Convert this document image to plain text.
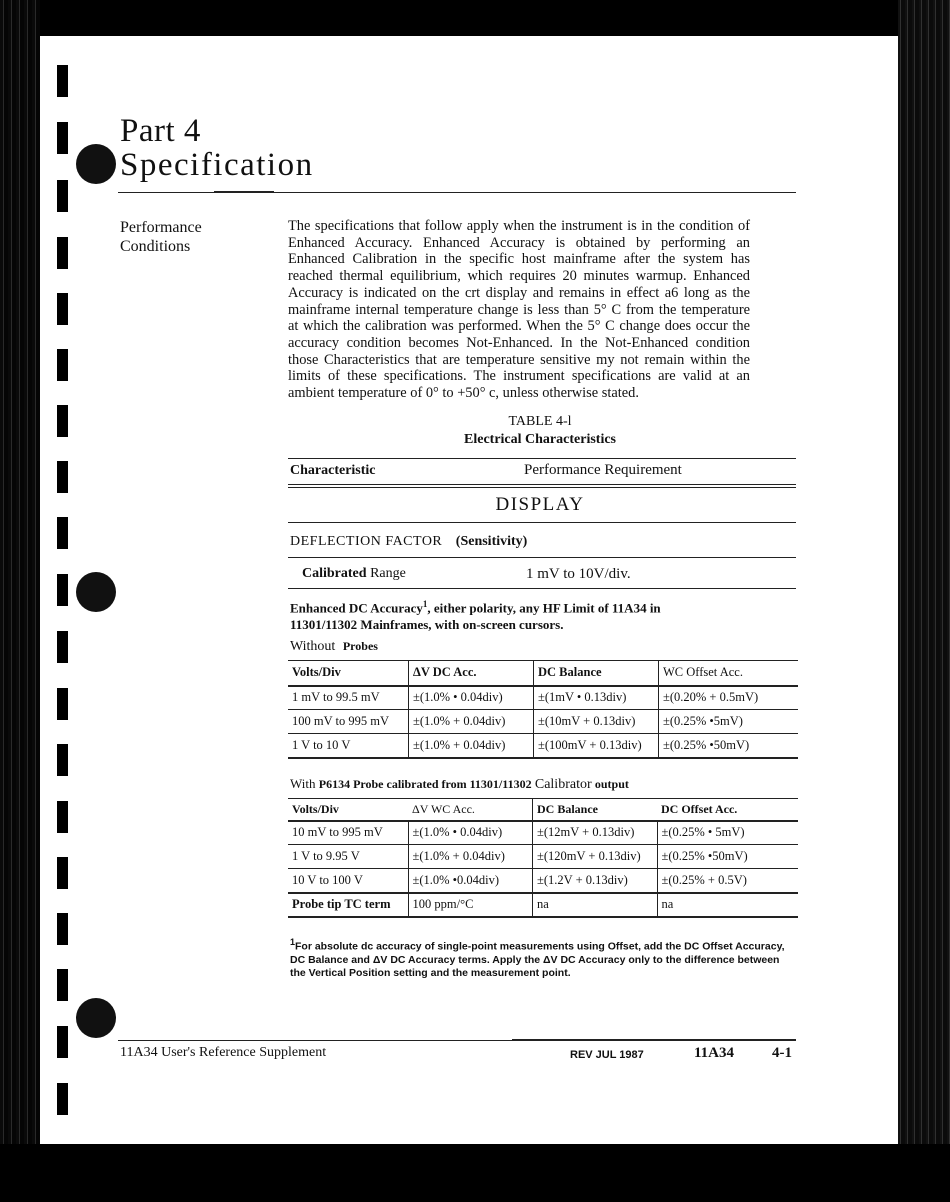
Part 4
Specification
Performance
Conditions
The specifications that follow apply when the instrument is in the condition of Enhanced Accuracy. Enhanced Accuracy is obtained by performing an Enhanced Calibration in the specific host mainframe after the system has reached thermal equilibrium, which requires 20 minutes warmup. Enhanced Accuracy is indicated on the crt display and remains in effect a6 long as the mainframe internal temperature change is less than 5° C from the temperature at which the calibration was performed. When the 5° C change does occur the accuracy condition becomes Not-Enhanced. In the Not-Enhanced condition those Characteristics that are temperature sensitive my not remain within the limits of these specifications. The instrument specifications are valid at an ambient temperature of 0° to +50° c, unless otherwise stated.
TABLE 4-l
Electrical Characteristics
Characteristic	Performance Requirement
DISPLAY
DEFLECTION FACTOR (Sensitivity)
Calibrated Range	1 mV to 10V/div.
Enhanced DC Accuracy$^1$, either polarity, any HF Limit of 11A34 in
11301/11302 Mainframes, with on-screen cursors.
Without Probes
Volts/Div	ΔV DC Acc.	DC Balance	WC Offset Acc.
1 mV to 99.5 mV	±(1.0% • 0.04div)	±(1mV • 0.13div)	±(0.20% + 0.5mV)
100 mV to 995 mV	±(1.0% + 0.04div)	±(10mV + 0.13div)	±(0.25% •5mV)
1 V to 10 V	±(1.0% + 0.04div)	±(100mV + 0.13div)	±(0.25% •50mV)
With P6134 Probe calibrated from 11301/11302 Calibrator output
Volts/Div	ΔV WC Acc.	DC Balance	DC Offset Acc.
10 mV to 995 mV	±(1.0% • 0.04div)	±(12mV + 0.13div)	±(0.25% • 5mV)
1 V to 9.95 V	±(1.0% + 0.04div)	±(120mV + 0.13div)	±(0.25% •50mV)
10 V to 100 V	±(1.0% •0.04div)	±(1.2V + 0.13div)	±(0.25% + 0.5V)
Probe tip TC term	100 ppm/°C	na	na
$^1$For absolute dc accuracy of single-point measurements using Offset, add the DC Offset Accuracy, DC Balance and ΔV DC Accuracy terms. Apply the ΔV DC Accuracy only to the difference between the Vertical Position setting and the measurement point.
11A34 User's Reference Supplement	REV JUL 1987	11A34	4-1
